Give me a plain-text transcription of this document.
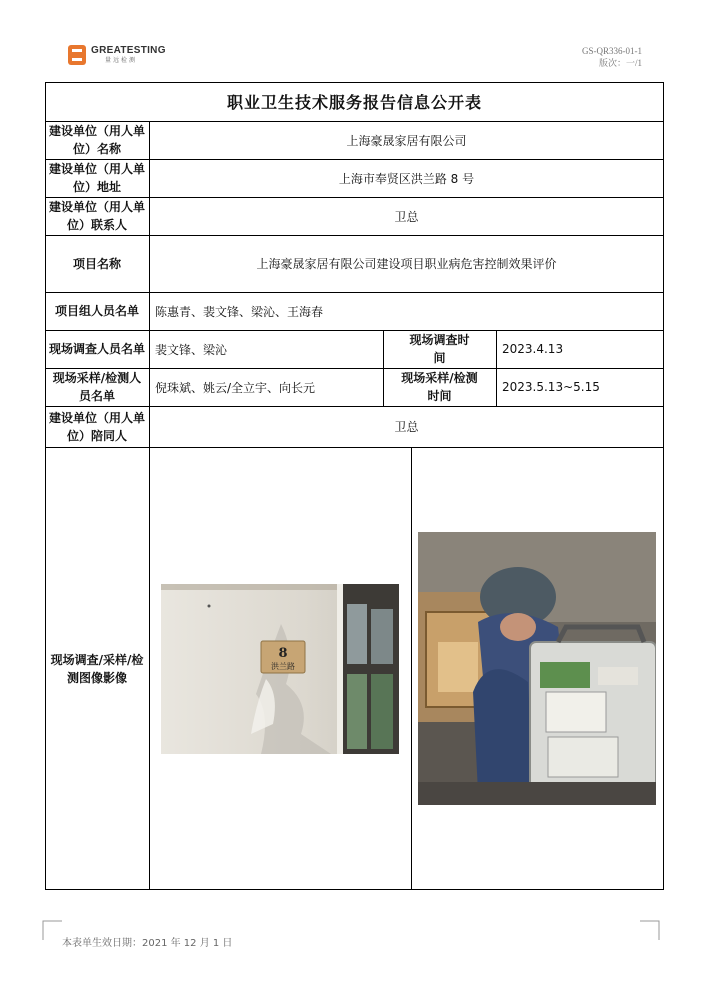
GREATESTING
量远检测
GS-QR336-01-1
版次：一/1
职业卫生技术服务报告信息公开表
建设单位（用人单位）名称
上海豪晟家居有限公司
建设单位（用人单位）地址
上海市奉贤区洪兰路 8 号
建设单位（用人单位）联系人
卫总
项目名称	上海豪晟家居有限公司建设项目职业病危害控制效果评价
项目组人员名单	陈惠青、裴文锋、梁沁、王海春
现场调查人员名单 裴文锋、梁沁
现场调查时间
2023.4.13
现场采样/检测人员名单
倪珠斌、姚云/全立宇、向长元
现场采样/检测时间
2023.5.13~5.15
建设单位（用人单位）陪同人
卫总
现场调查/采样/检测图像影像
8
洪兰路
本表单生效日期：2021 年 12 月 1 日
